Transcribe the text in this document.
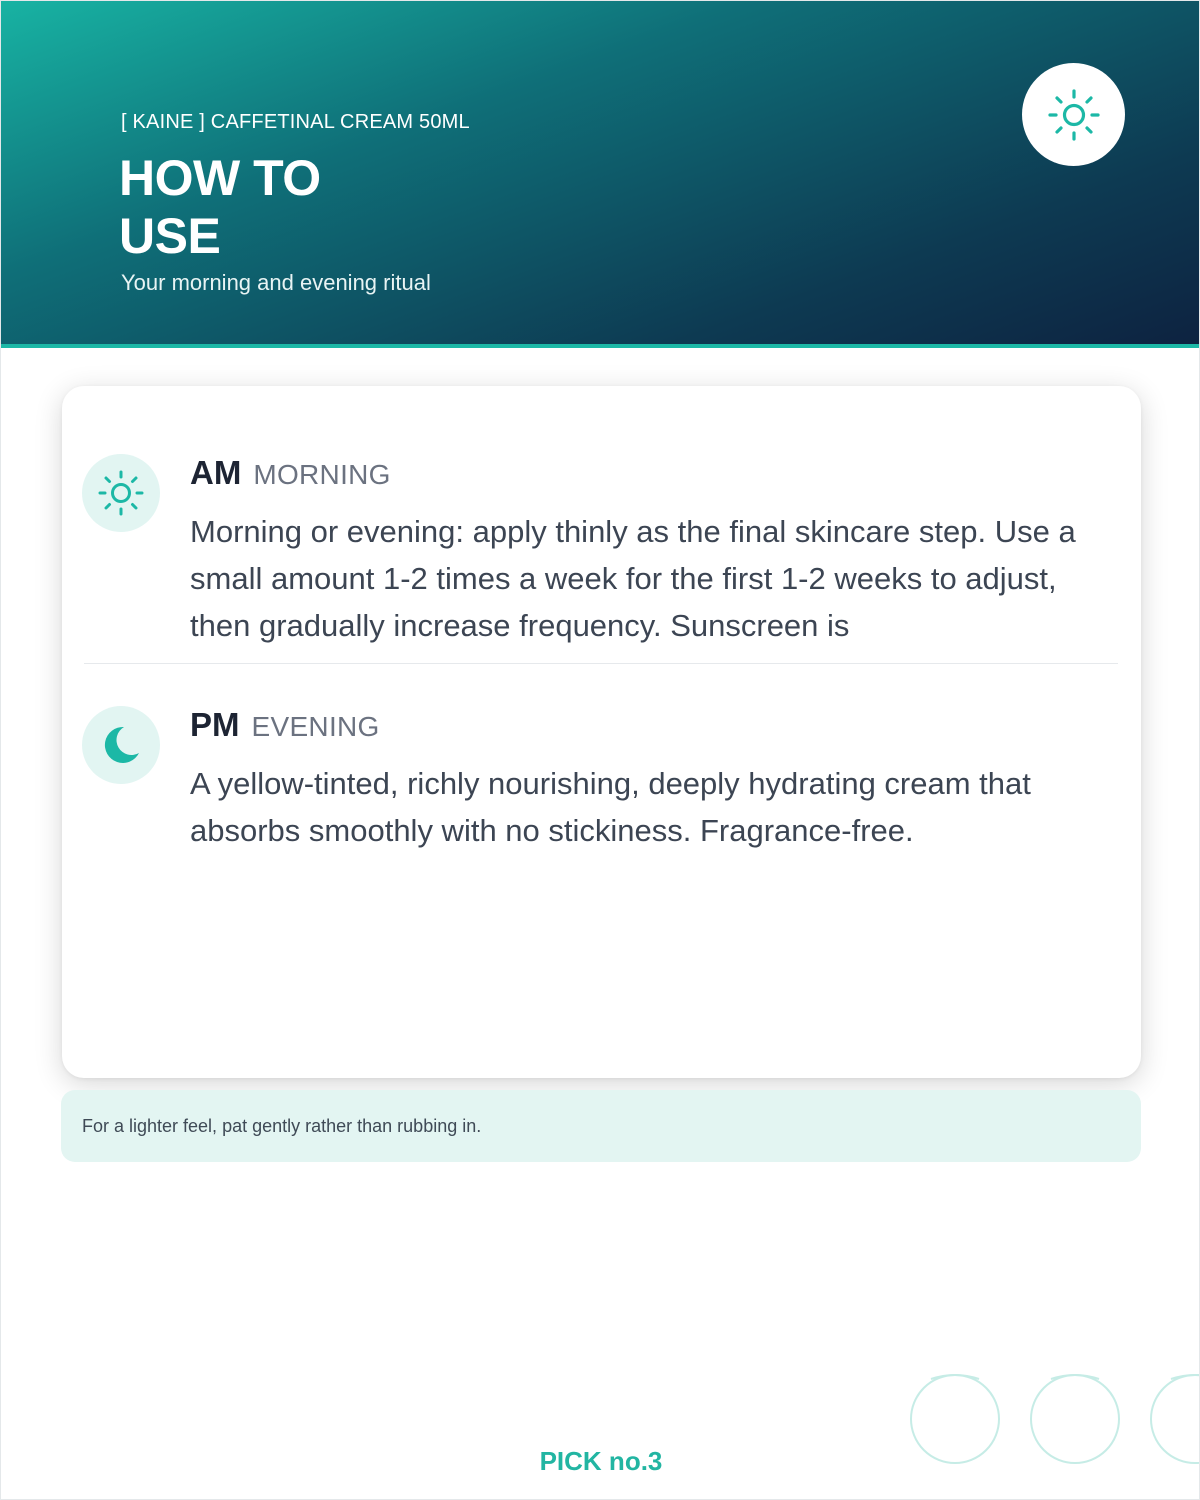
[ KAINE ] CAFFETINAL CREAM 50ML
HOW TO
USE
Your morning and evening ritual
AM MORNING
Morning or evening: apply thinly as the final skincare step. Use a small amount 1-2 times a week for the first 1-2 weeks to adjust, then gradually increase frequency. Sunscreen is
PM EVENING
A yellow-tinted, richly nourishing, deeply hydrating cream that absorbs smoothly with no stickiness. Fragrance-free.
For a lighter feel, pat gently rather than rubbing in.
PICK no.3
